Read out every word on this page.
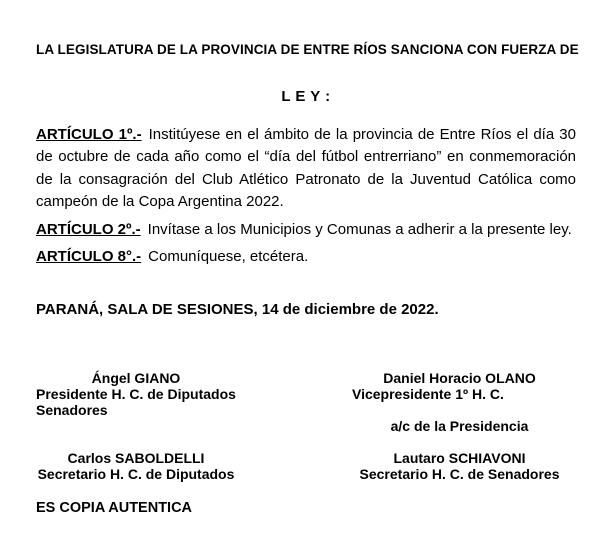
LA LEGISLATURA DE LA PROVINCIA DE ENTRE RÍOS SANCIONA CON FUERZA DE
L E Y :

ARTÍCULO 1º.- Institúyese en el ámbito de la provincia de Entre Ríos el día 30 de octubre de cada año como el “día del fútbol entrerriano” en conmemoración de la consagración del Club Atlético Patronato de la Juventud Católica como campeón de la Copa Argentina 2022.

ARTÍCULO 2º.- Invítase a los Municipios y Comunas a adherir a la presente ley.

ARTÍCULO 8°.- Comuníquese, etcétera.

PARANÁ, SALA DE SESIONES, 14 de diciembre de 2022.

Ángel GIANO
Presidente H. C. de Diputados
Senadores
Daniel Horacio OLANO
Vicepresidente 1º H. C.
a/c de la Presidencia
Carlos SABOLDELLI
Secretario H. C. de Diputados
Lautaro SCHIAVONI
Secretario H. C. de Senadores
ES COPIA AUTENTICA
